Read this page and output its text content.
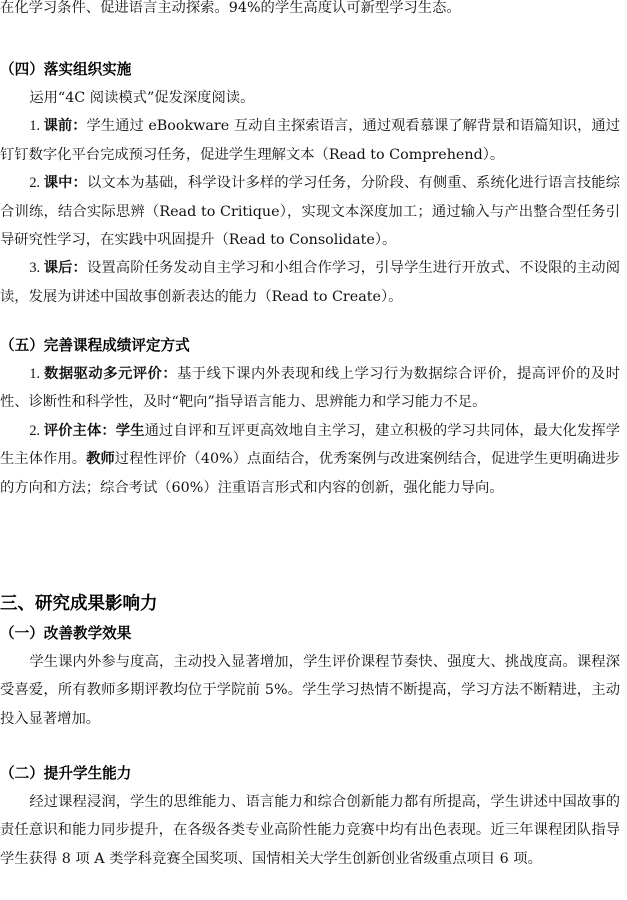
在化学习条件、促进语言主动探索。94%的学生高度认可新型学习生态。

（四）落实组织实施

运用“4C 阅读模式”促发深度阅读。

1. 课前：学生通过 eBookware 互动自主探索语言，通过观看慕课了解背景和语篇知识，通过钉钉数字化平台完成预习任务，促进学生理解文本（Read to Comprehend）。

2. 课中：以文本为基础，科学设计多样的学习任务，分阶段、有侧重、系统化进行语言技能综合训练，结合实际思辨（Read to Critique），实现文本深度加工；通过输入与产出整合型任务引导研究性学习，在实践中巩固提升（Read to Consolidate）。

3. 课后：设置高阶任务发动自主学习和小组合作学习，引导学生进行开放式、不设限的主动阅读，发展为讲述中国故事创新表达的能力（Read to Create）。

（五）完善课程成绩评定方式

1. 数据驱动多元评价：基于线下课内外表现和线上学习行为数据综合评价，提高评价的及时性、诊断性和科学性，及时“靶向”指导语言能力、思辨能力和学习能力不足。

2. 评价主体：学生通过自评和互评更高效地自主学习，建立积极的学习共同体，最大化发挥学生主体作用。教师过程性评价（40%）点面结合，优秀案例与改进案例结合，促进学生更明确进步的方向和方法；综合考试（60%）注重语言形式和内容的创新，强化能力导向。

三、研究成果影响力

（一）改善教学效果

学生课内外参与度高，主动投入显著增加，学生评价课程节奏快、强度大、挑战度高。课程深受喜爱，所有教师多期评教均位于学院前 5%。学生学习热情不断提高，学习方法不断精进，主动投入显著增加。

（二）提升学生能力

经过课程浸润，学生的思维能力、语言能力和综合创新能力都有所提高，学生讲述中国故事的责任意识和能力同步提升，在各级各类专业高阶性能力竞赛中均有出色表现。近三年课程团队指导学生获得 8 项 A 类学科竞赛全国奖项、国情相关大学生创新创业省级重点项目 6 项。
